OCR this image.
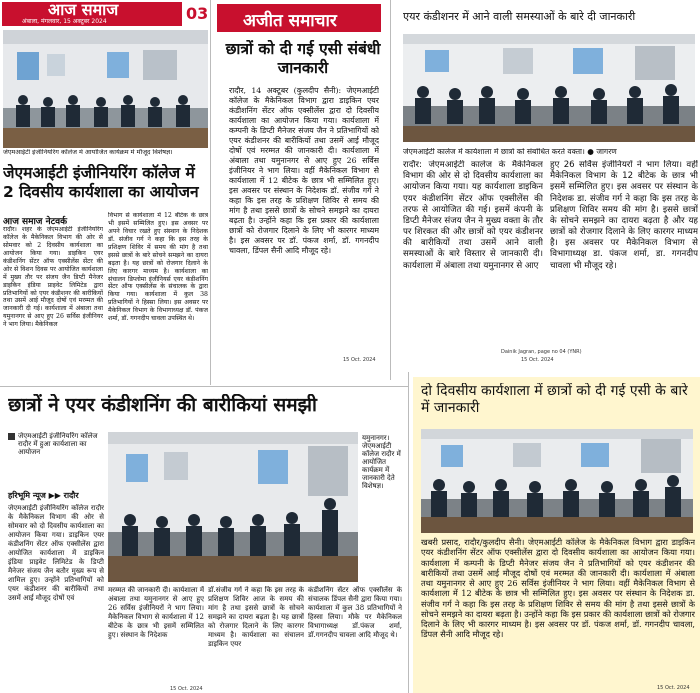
आज समाज
अंबाला, मंगलवार, 15 अक्टूबर 2024	03
जेएमआईटी इंजीनियरिंग कॉलेज में आयोजित कार्यक्रम में मौजूद विशेषज्ञ।
जेएमआईटी इंजीनियरिंग कॉलेज में 2 दिवसीय कार्यशाला का आयोजन
आज समाज नेटवर्क
रादौर। शहर के जेएमआईटी इंजीनियरिंग कॉलेज के मैकेनिकल विभाग की ओर से सोमवार को 2 दिवसीय कार्यशाला का आयोजन किया गया। डाइकिन एयर कंडीशनिंग सेंटर ऑफ एक्सीलेंस सेंटर की ओर से विशन दिवस पर आयोजित कार्यशाला में मुख्य तौर पर संजय जैन डिप्टी मैनेजर डाइकिन इंडिया प्राइवेट लिमिटेड द्वारा प्रतिभागियों को एयर कंडीशनर की बारीकियों तथा उसमें आई मौजूद दोषों एवं मरम्मत की जानकारी दी गई। कार्यशाला में अंबाला तथा यमुनानगर से आए हुए 26 सर्विस इंजीनियर ने भाग लिया। मैकेनिकल
विभाग से कार्यशाला में 12 बीटेक के छात्र भी इसमें सम्मिलित हुए। इस अवसर पर अपने विचार रखते हुए संस्थान के निदेशक डॉ. संजीव गर्ग ने कहा कि इस तरह के प्रशिक्षण शिविर में समय की मांग है तथा इससे छात्रों के बारे सोचने समझने का दायरा बढ़ता है। यह छात्रों को रोजगार दिलाने के लिए कारगर माध्यम है। कार्यशाला का संचालन डिप्लोमा इंजीनियर्स एयर कंडीशनिंग सेंटर ऑफ एक्सीलेंस के संचालक के द्वारा किया गया। कार्यशाला में कुल 38 प्रतिभागियों ने हिस्सा लिया। इस अवसर पर मैकेनिकल विभाग के विभागाध्यक्ष डॉ. पंकज शर्मा, डॉ. गगनदीप चावला उपस्थित थे।
अजीत समाचार
छात्रों को दी गई एसी संबंधी जानकारी
रादौर, 14 अक्टूबर (कुलदीप सैनी): जेएमआईटी कॉलेज के मैकेनिकल विभाग द्वारा डाइकिन एयर कंडीशनिंग सेंटर ऑफ एक्सीलेंस द्वारा दो दिवसीय कार्यशाला का आयोजन किया गया। कार्यशाला में कम्पनी के डिप्टी मैनेजर संजय जैन ने प्रतिभागियों को एयर कंडीशनर की बारीकियों तथा उसमें आई मौजूद दोषों एवं मरम्मत की जानकारी दी। कार्यशाला में अंबाला तथा यमुनानगर से आए हुए 26 सर्विस इंजीनियर ने भाग लिया। वहीं मैकेनिकल विभाग से कार्यशाला में 12 बीटेक के छात्र भी सम्मिलित हुए। इस अवसर पर संस्थान के निदेशक डॉ. संजीव गर्ग ने कहा कि इस तरह के प्रशिक्षण शिविर से समय की मांग है तथा इससे छात्रों के सोचने समझने का दायरा बढ़ता है। उन्होंने कहा कि इस प्रकार की कार्यशाला छात्रों को रोजगार दिलाने के लिए भी कारगर माध्यम है। इस अवसर पर डॉ. पंकज शर्मा, डॉ. गगनदीप चावला, डिंपल सैनी आदि मौजूद रहे।
15 Oct. 2024
एयर कंडीशनर में आने वाली समस्याओं के बारे दी जानकारी
जेएमआईटी कालेज में कार्यशाला में छात्रों को संबोधित करते वक्ता। ● जागरण
रादौर: जेएमआईटी कालेज के मैकेनिकल विभाग की ओर से दो दिवसीय कार्यशाला का आयोजन किया गया। यह कार्यशाला डाइकिन एयर कंडीशनिंग सेंटर ऑफ एक्सीलेंस की तरफ से आयोजित की गई। इसमें कंपनी के डिप्टी मैनेजर संजय जैन ने मुख्य वक्ता के तौर पर शिरकत की और छात्रों को एयर कंडीशनर की बारीकियों तथा उसमें आने वाली समस्याओं के बारे विस्तार से जानकारी दी। कार्यशाला में अंबाला तथा यमुनानगर से आए
हुए 26 सर्विस इंजीनियरों ने भाग लिया। वहीं मैकेनिकल विभाग के 12 बीटेक के छात्र भी इसमें सम्मिलित हुए। इस अवसर पर संस्थान के निदेशक डा. संजीव गर्ग ने कहा कि इस तरह के प्रशिक्षण शिविर समय की मांग है। इससे छात्रों के सोचने समझने का दायरा बढ़ता है और यह छात्रों को रोजगार दिलाने के लिए कारगर माध्यम है। इस अवसर पर मैकेनिकल विभाग से विभागाध्यक्ष डा. पंकज शर्मा, डा. गगनदीप चावला भी मौजूद रहे।
Dainik Jagran, page no 04 (YNR)
15 Oct. 2024
दो दिवसीय कार्यशाला में छात्रों को दी गई एसी के बारे में जानकारी
खबरी प्रसाद, रादौर/कुलदीप सैनी। जेएमआईटी कॉलेज के मैकेनिकल विभाग द्वारा डाइकिन एयर कंडीशनिंग सेंटर ऑफ एक्सीलेंस द्वारा दो दिवसीय कार्यशाला का आयोजन किया गया। कार्यशाला में कम्पनी के डिप्टी मैनेजर संजय जैन ने प्रतिभागियों को एयर कंडीशनर की बारीकियों तथा उसमें आई मौजूद दोषों एवं मरम्मत की जानकारी दी। कार्यशाला में अंबाला तथा यमुनानगर से आए हुए 26 सर्विस इंजीनियर ने भाग लिया। वहीं मैकेनिकल विभाग से कार्यशाला में 12 बीटेक के छात्र भी सम्मिलित हुए। इस अवसर पर संस्थान के निदेशक डा. संजीव गर्ग ने कहा कि इस तरह के प्रशिक्षण शिविर से समय की मांग है तथा इससे छात्रों के सोचने समझने का दायरा बढ़ता है। उन्होंने कहा कि इस प्रकार की कार्यशाला छात्रों को रोजगार दिलाने के लिए भी कारगर माध्यम है। इस अवसर पर डॉ. पंकज शर्मा, डॉ. गगनदीप चावला, डिंपल सैनी आदि मौजूद रहे।
15 Oct. 2024
छात्रों ने एयर कंडीशनिंग की बारीकियां समझी
जेएमआईटी इंजीनियरिंग कॉलेज रादौर में हुआ कार्यशाला का आयोजन
यमुनानगर। जेएमआईटी कॉलेज रादौर में आयोजित कार्यक्रम में जानकारी देते विशेषज्ञ।
हरिभूमि न्यूज ▶▶ रादौर
जेएमआईटी इंजीनियरिंग कॉलेज रादौर के मैकेनिकल विभाग की ओर से सोमवार को दो दिवसीय कार्यशाला का आयोजन किया गया। डाइकिन एयर कंडीशनिंग सेंटर ऑफ एक्सीलेंस द्वारा आयोजित कार्यशाला में डाइकिन इंडिया प्राइवेट लिमिटेड के डिप्टी मैनेजर संजय जैन बतौर मुख्य रूप से शामिल हुए। उन्होंने प्रतिभागियों को एयर कंडीशनर की बारीकियों तथा उसमें आई मौजूद दोषों एवं
मरम्मत की जानकारी दी। कार्यशाला में अंबाला तथा यमुनानगर से आए हुए 26 सर्विस इंजीनियरों ने भाग लिया। मैकेनिकल विभाग से कार्यशाला में 12 बीटेक के छात्र भी इसमें सम्मिलित हुए। संस्थान के निदेशक
डॉ.संजीव गर्ग ने कहा कि इस तरह के प्रशिक्षण शिविर आज के समय की मांग है तथा इससे छात्रों के सोचने समझने का दायरा बढ़ता है। यह छात्रों को रोजगार दिलाने के लिए कारगर माध्यम है। कार्यशाला का संचालन डाइकिन एयर
कंडीशनिंग सेंटर ऑफ एक्सीलेंस के संचालक डिंपल सैनी द्वारा किया गया। कार्यशाला में कुल 38 प्रतिभागियों ने हिस्सा लिया। मौके पर मैकेनिकल विभागाध्यक्ष डॉ.पंकज शर्मा, डॉ.गगनदीप चावला आदि मौजूद थे।
15 Oct. 2024
